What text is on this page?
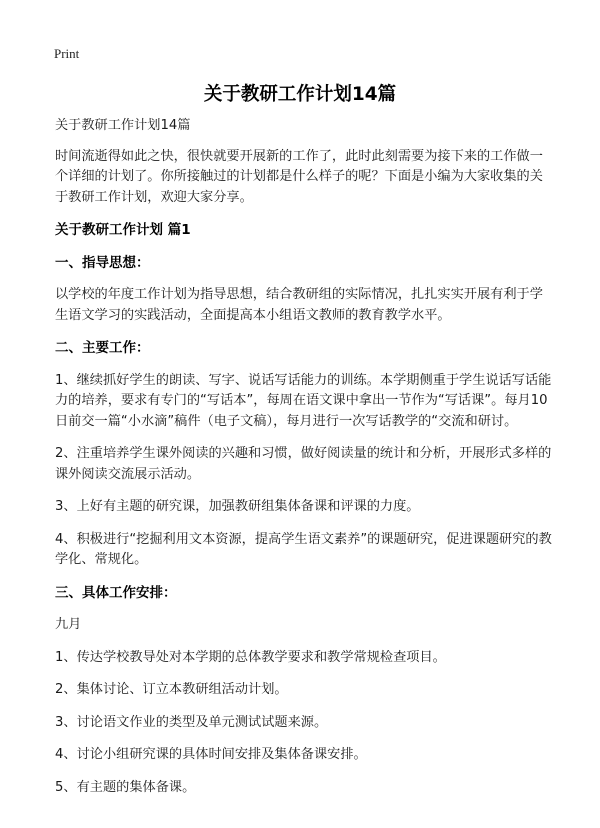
Print
关于教研工作计划14篇

关于教研工作计划14篇

时间流逝得如此之快，很快就要开展新的工作了，此时此刻需要为接下来的工作做一个详细的计划了。你所接触过的计划都是什么样子的呢？下面是小编为大家收集的关于教研工作计划，欢迎大家分享。

关于教研工作计划 篇1

一、指导思想：

以学校的年度工作计划为指导思想，结合教研组的实际情况，扎扎实实开展有利于学生语文学习的实践活动，全面提高本小组语文教师的教育教学水平。

二、主要工作：

1、继续抓好学生的朗读、写字、说话写话能力的训练。本学期侧重于学生说话写话能力的培养，要求有专门的“写话本”，每周在语文课中拿出一节作为“写话课”。每月10日前交一篇“小水滴”稿件（电子文稿），每月进行一次写话教学的“交流和研讨。

2、注重培养学生课外阅读的兴趣和习惯，做好阅读量的统计和分析，开展形式多样的课外阅读交流展示活动。

3、上好有主题的研究课，加强教研组集体备课和评课的力度。

4、积极进行“挖掘利用文本资源，提高学生语文素养”的课题研究，促进课题研究的教学化、常规化。

三、具体工作安排：

九月

1、传达学校教导处对本学期的总体教学要求和教学常规检查项目。

2、集体讨论、订立本教研组活动计划。

3、讨论语文作业的类型及单元测试试题来源。

4、讨论小组研究课的具体时间安排及集体备课安排。

5、有主题的集体备课。
